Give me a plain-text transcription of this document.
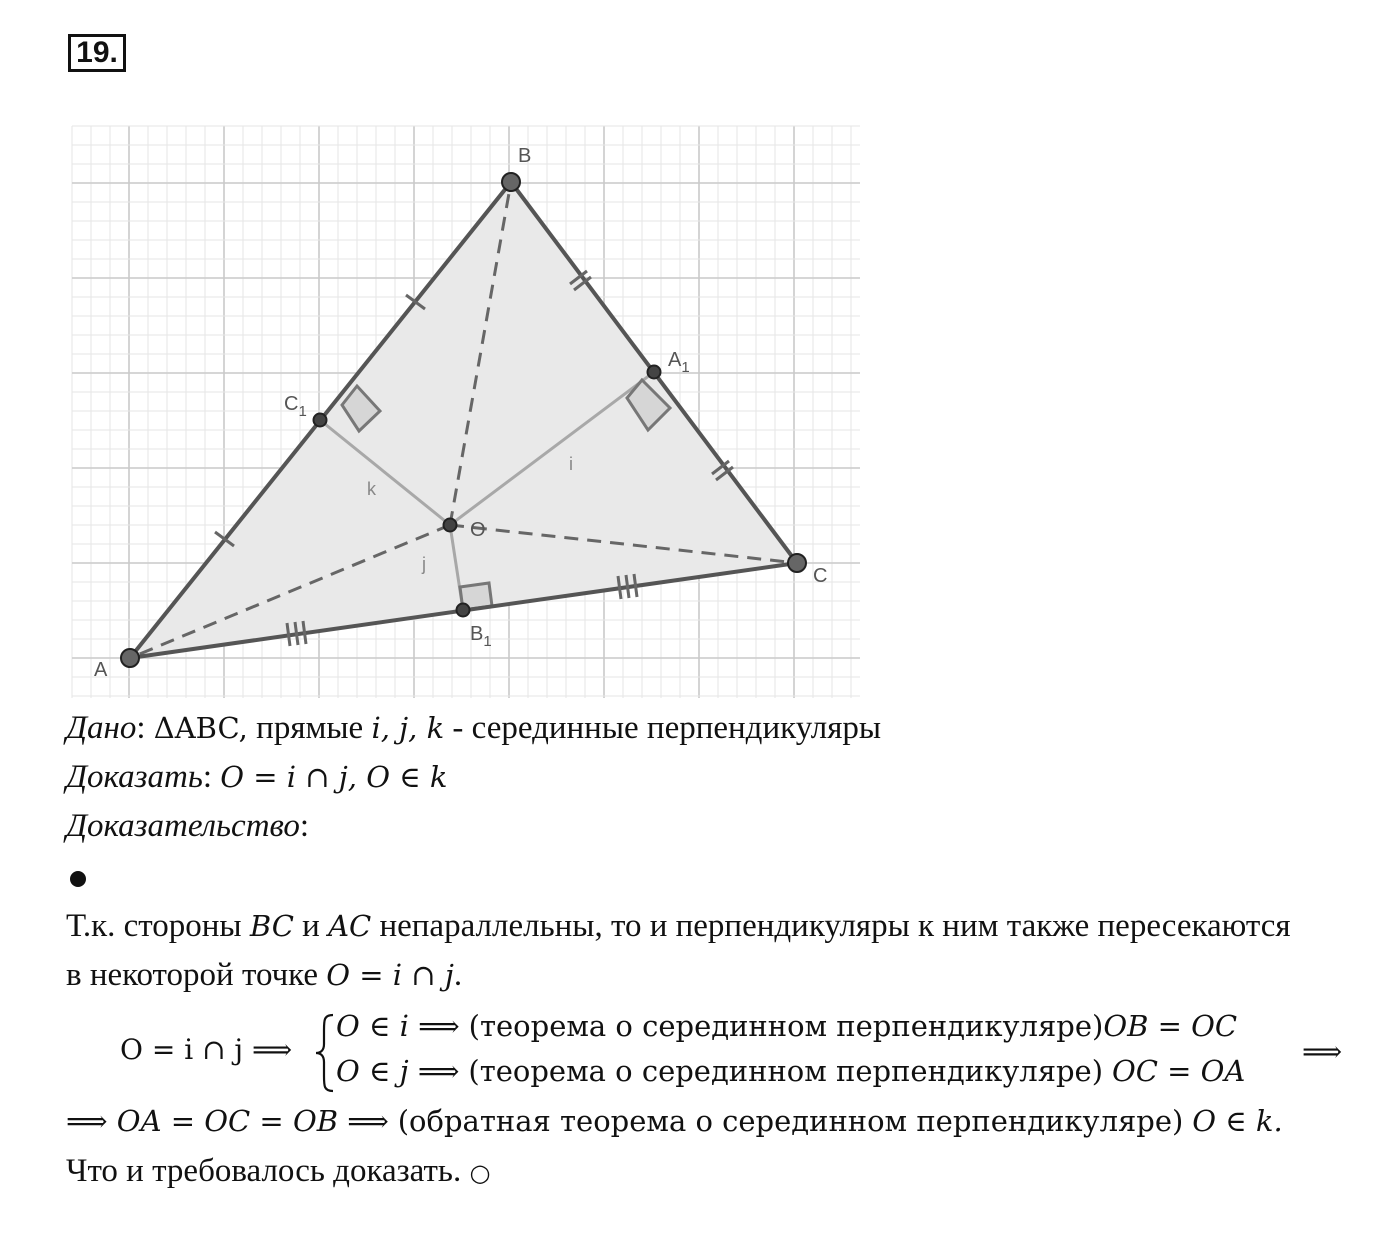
19.
A
B
C
$A_1$
$B_1$
$C_1$
O
i
j
k
Дано: ΔABC, прямые i, j, k - серединные перпендикуляры
Доказать: O = i ∩ j, O ∈ k
Доказательство:
Т.к. стороны BC и AC непараллельны, то и перпендикуляры к ним также пересекаются
в некоторой точке O = i ∩ j.
O = i ∩ j ⟹
O ∈ i ⟹ (теорема о серединном перпендикуляре)OB = OC
O ∈ j ⟹ (теорема о серединном перпендикуляре) OC = OA
⟹
⟹ OA = OC = OB ⟹ (обратная теорема о серединном перпендикуляре) O ∈ k.
Что и требовалось доказать. ○
